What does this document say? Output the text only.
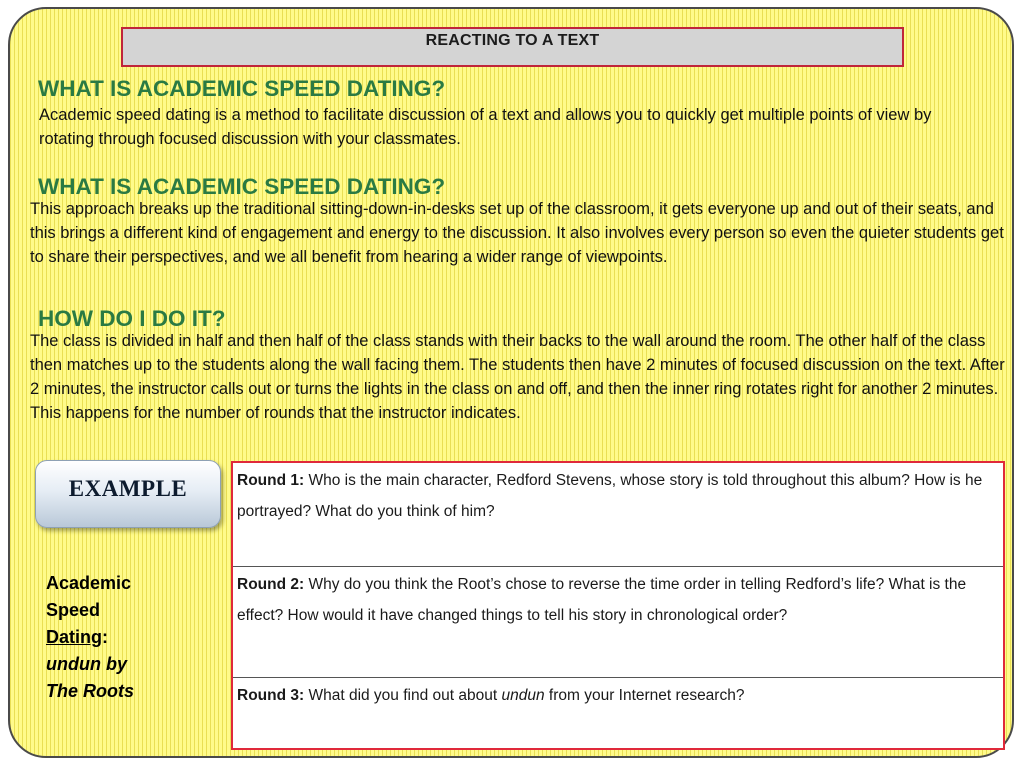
REACTING TO A TEXT
WHAT IS ACADEMIC SPEED DATING?

Academic speed dating is a method to facilitate discussion of a text and allows you to quickly get multiple points of view by rotating through focused discussion with your classmates.

WHAT IS ACADEMIC SPEED DATING?

This approach breaks up the traditional sitting-down-in-desks set up of the classroom, it gets everyone up and out of their seats, and this brings a different kind of engagement and energy to the discussion. It also involves every person so even the quieter students get to share their perspectives, and we all benefit from hearing a wider range of viewpoints.

HOW DO I DO IT?

The class is divided in half and then half of the class stands with their backs to the wall around the room. The other half of the class then matches up to the students along the wall facing them. The students then have 2 minutes of focused discussion on the text. After 2 minutes, the instructor calls out or turns the lights in the class on and off, and then the inner ring rotates right for another 2 minutes. This happens for the number of rounds that the instructor indicates.

EXAMPLE
Academic
Speed
Dating:
undun by
The Roots
Round 1: Who is the main character, Redford Stevens, whose story is told throughout this album? How is he portrayed? What do you think of him?
Round 2: Why do you think the Root’s chose to reverse the time order in telling Redford’s life? What is the effect? How would it have changed things to tell his story in chronological order?
Round 3: What did you find out about undun from your Internet research?
